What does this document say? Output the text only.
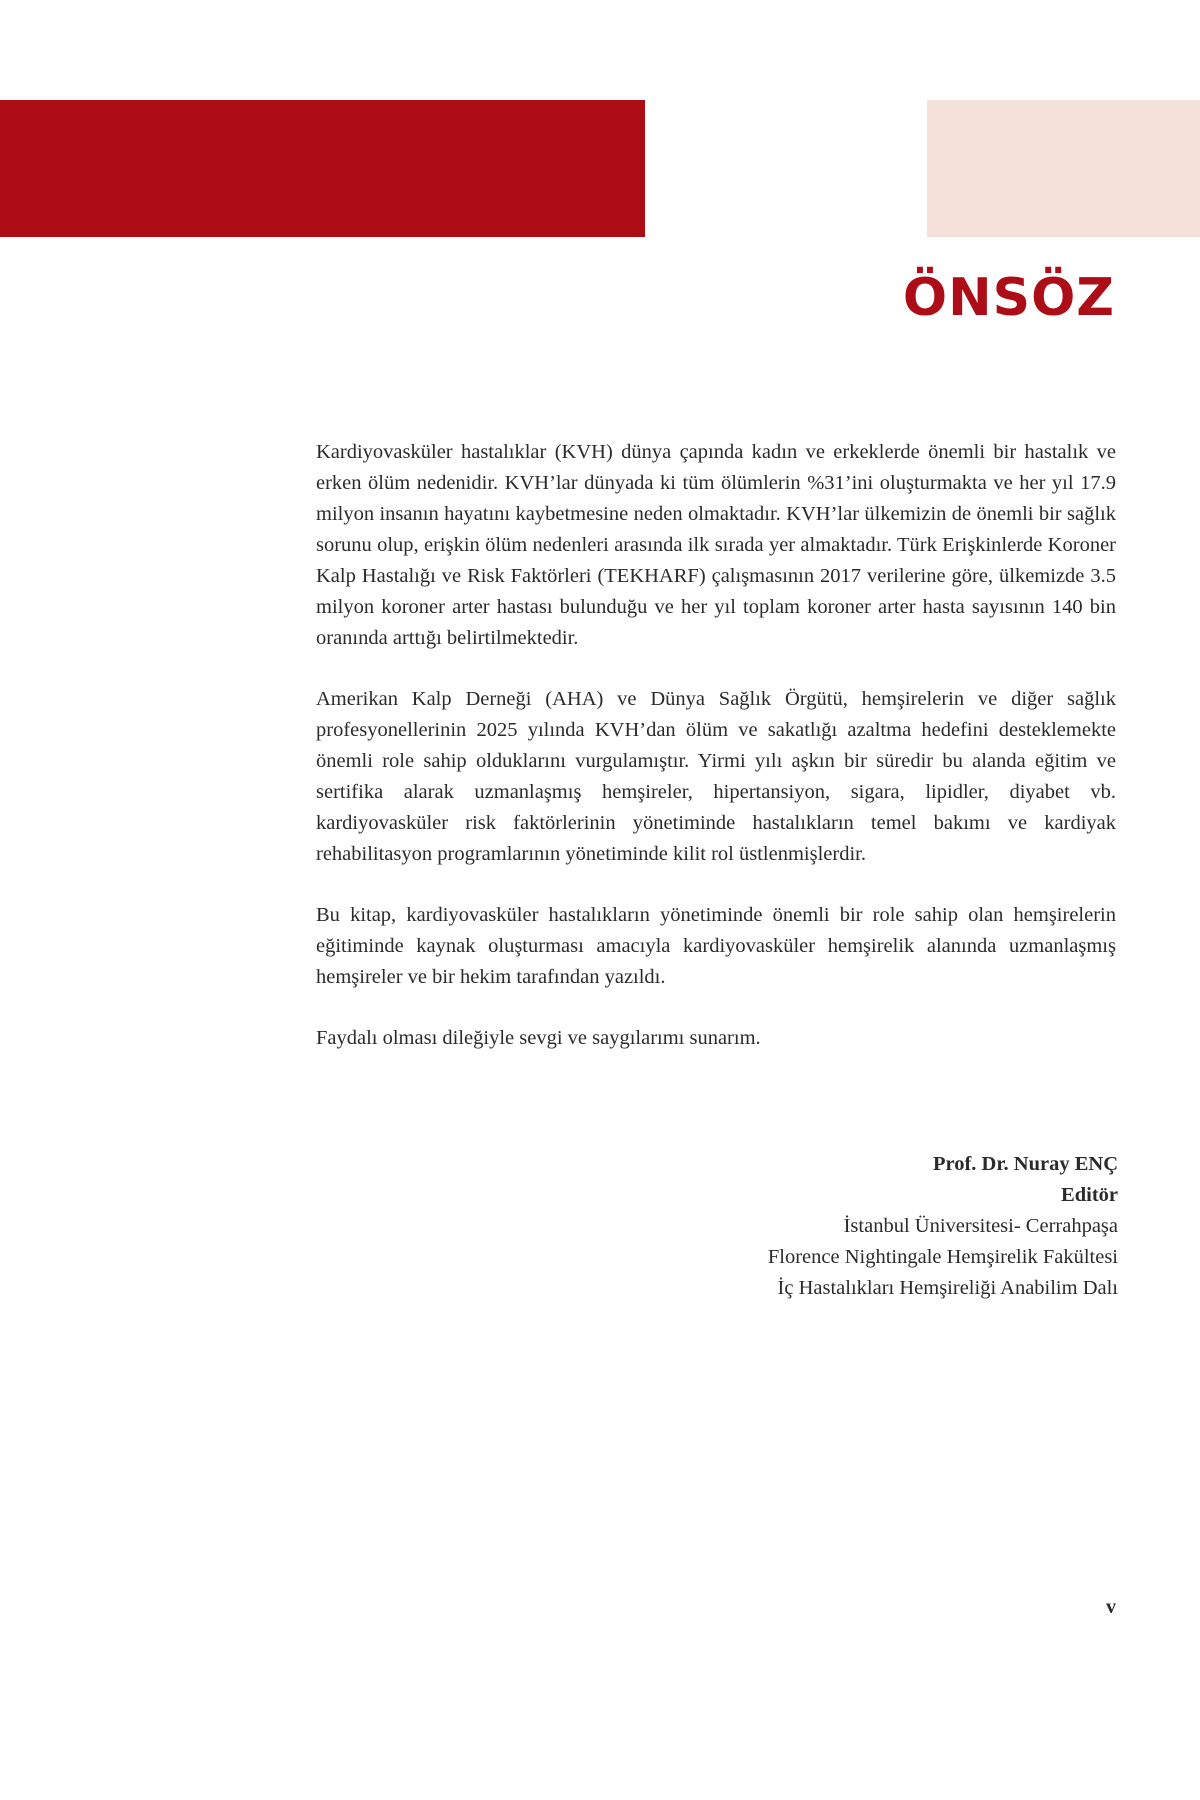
ÖNSÖZ

Kardiyovasküler hastalıklar (KVH) dünya çapında kadın ve erkeklerde önemli bir hastalık ve erken ölüm nedenidir. KVH’lar dünyada ki tüm ölümlerin %31’ini oluşturmakta ve her yıl 17.9 milyon insanın hayatını kaybetmesine neden olmaktadır. KVH’lar ülkemizin de önemli bir sağlık sorunu olup, erişkin ölüm nedenleri arasında ilk sırada yer almaktadır. Türk Erişkinlerde Koroner Kalp Hastalığı ve Risk Faktörleri (TEKHARF) çalışmasının 2017 verilerine göre, ülkemizde 3.5 milyon koroner arter hastası bulunduğu ve her yıl toplam koroner arter hasta sayısının 140 bin oranında arttığı belirtilmektedir.

Amerikan Kalp Derneği (AHA) ve Dünya Sağlık Örgütü, hemşirelerin ve diğer sağlık profesyonellerinin 2025 yılında KVH’dan ölüm ve sakatlığı azaltma hedefini desteklemekte önemli role sahip olduklarını vurgulamıştır. Yirmi yılı aşkın bir süredir bu alanda eğitim ve sertifika alarak uzmanlaşmış hemşireler, hipertansiyon, sigara, lipidler, diyabet vb. kardiyovasküler risk faktörlerinin yönetiminde hastalıkların temel bakımı ve kardiyak rehabilitasyon programlarının yönetiminde kilit rol üstlenmişlerdir.

Bu kitap, kardiyovasküler hastalıkların yönetiminde önemli bir role sahip olan hemşirelerin eğitiminde kaynak oluşturması amacıyla kardiyovasküler hemşirelik alanında uzmanlaşmış hemşireler ve bir hekim tarafından yazıldı.

Faydalı olması dileğiyle sevgi ve saygılarımı sunarım.

Prof. Dr. Nuray ENÇ
Editör
İstanbul Üniversitesi- Cerrahpaşa
Florence Nightingale Hemşirelik Fakültesi
İç Hastalıkları Hemşireliği Anabilim Dalı
v
